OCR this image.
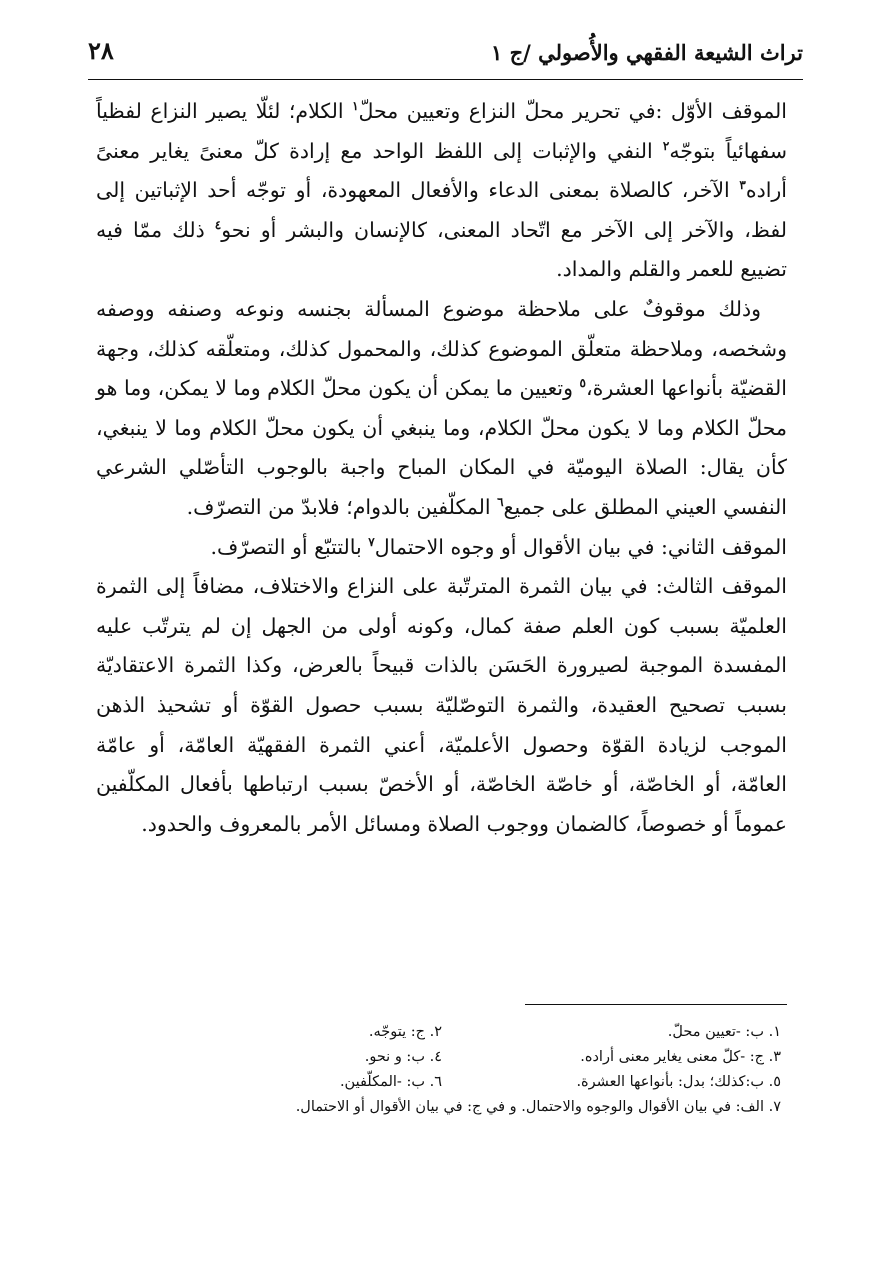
تراث الشيعة الفقهي والأُصولي /ج ١
٢٨

الموقف الأوّل :في تحرير محلّ النزاع وتعيين محلّ$^١$ الكلام؛ لئلّا يصير النزاع لفظياً سفهائياً بتوجّه$^٢$ النفي والإثبات إلى اللفظ الواحد مع إرادة كلّ معنىً يغاير معنىً أراده$^٣$ الآخر، كالصلاة بمعنى الدعاء والأفعال المعهودة، أو توجّه أحد الإثباتين إلى لفظ، والآخر إلى الآخر مع اتّحاد المعنى، كالإنسان والبشر أو نحو$^٤$ ذلك ممّا فيه تضييع للعمر والقلم والمداد.

وذلك موقوفٌ على ملاحظة موضوع المسألة بجنسه ونوعه وصنفه ووصفه وشخصه، وملاحظة متعلّق الموضوع كذلك، والمحمول كذلك، ومتعلّقه كذلك، وجهة القضيّة بأنواعها العشرة،$^٥$ وتعيين ما يمكن أن يكون محلّ الكلام وما لا يمكن، وما هو محلّ الكلام وما لا يكون محلّ الكلام، وما ينبغي أن يكون محلّ الكلام وما لا ينبغي، كأن يقال: الصلاة اليوميّة في المكان المباح واجبة بالوجوب التأصّلي الشرعي النفسي العيني المطلق على جميع$^٦$ المكلّفين بالدوام؛ فلابدّ من التصرّف.

الموقف الثاني: في بيان الأقوال أو وجوه الاحتمال$^٧$ بالتتبّع أو التصرّف.

الموقف الثالث: في بيان الثمرة المترتّبة على النزاع والاختلاف، مضافاً إلى الثمرة العلميّة بسبب كون العلم صفة كمال، وكونه أولى من الجهل إن لم يترتّب عليه المفسدة الموجبة لصيرورة الحَسَن بالذات قبيحاً بالعرض، وكذا الثمرة الاعتقاديّة بسبب تصحيح العقيدة، والثمرة التوصّليّة بسبب حصول القوّة أو تشحيذ الذهن الموجب لزيادة القوّة وحصول الأعلميّة، أعني الثمرة الفقهيّة العامّة، أو عامّة العامّة، أو الخاصّة، أو خاصّة الخاصّة، أو الأخصّ بسبب ارتباطها بأفعال المكلّفين عموماً أو خصوصاً، كالضمان ووجوب الصلاة ومسائل الأمر بالمعروف والحدود.

١. ب: -تعيين محلّ.
٢. ج: يتوجّه.
٣. ج: -كلّ معنى يغاير معنى أراده.
٤. ب: و نحو.
٥. ب:كذلك؛ بدل: بأنواعها العشرة.
٦. ب: -المكلّفين.
٧. الف: في بيان الأقوال والوجوه والاحتمال. و في ج: في بيان الأقوال أو الاحتمال.
